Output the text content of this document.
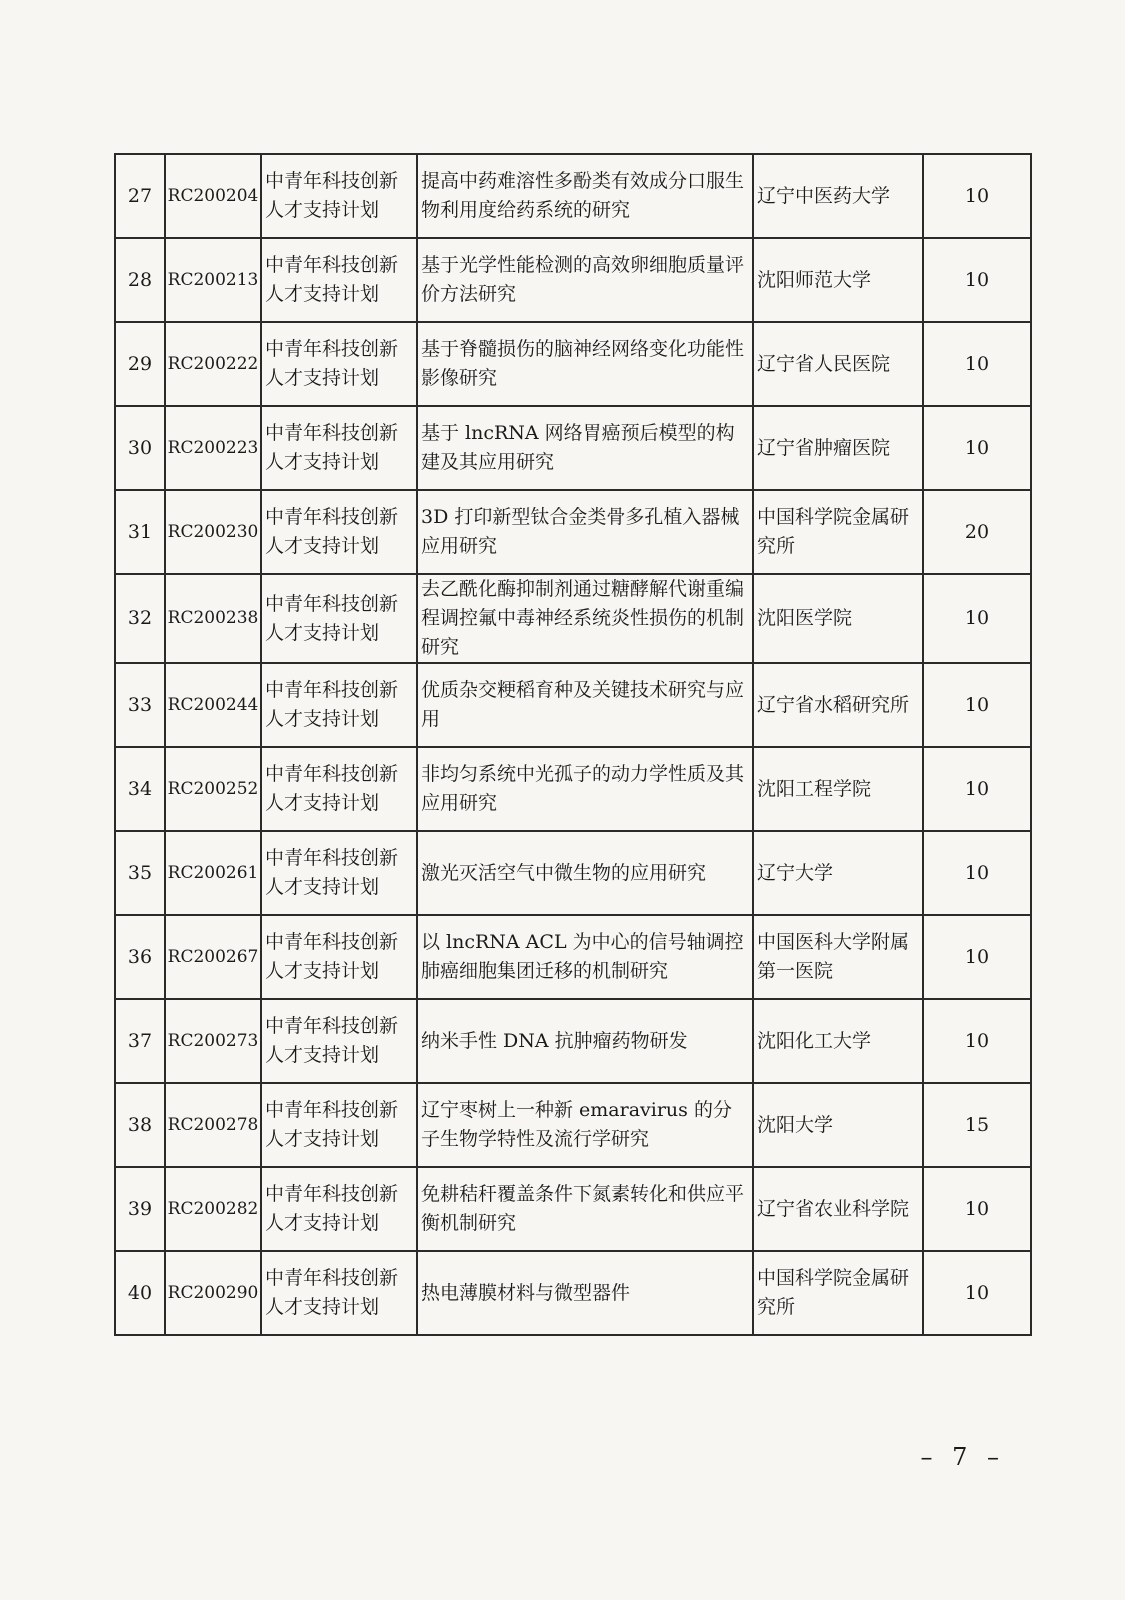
27	RC200204	中青年科技创新人才支持计划	提高中药难溶性多酚类有效成分口服生物利用度给药系统的研究	辽宁中医药大学	10
28	RC200213	中青年科技创新人才支持计划	基于光学性能检测的高效卵细胞质量评价方法研究	沈阳师范大学	10
29	RC200222	中青年科技创新人才支持计划	基于脊髓损伤的脑神经网络变化功能性影像研究	辽宁省人民医院	10
30	RC200223	中青年科技创新人才支持计划	基于 lncRNA 网络胃癌预后模型的构建及其应用研究	辽宁省肿瘤医院	10
31	RC200230	中青年科技创新人才支持计划	3D 打印新型钛合金类骨多孔植入器械应用研究	中国科学院金属研究所	20
32	RC200238	中青年科技创新人才支持计划	去乙酰化酶抑制剂通过糖酵解代谢重编程调控氟中毒神经系统炎性损伤的机制研究	沈阳医学院	10
33	RC200244	中青年科技创新人才支持计划	优质杂交粳稻育种及关键技术研究与应用	辽宁省水稻研究所	10
34	RC200252	中青年科技创新人才支持计划	非均匀系统中光孤子的动力学性质及其应用研究	沈阳工程学院	10
35	RC200261	中青年科技创新人才支持计划	激光灭活空气中微生物的应用研究	辽宁大学	10
36	RC200267	中青年科技创新人才支持计划	以 lncRNA ACL 为中心的信号轴调控肺癌细胞集团迁移的机制研究	中国医科大学附属第一医院	10
37	RC200273	中青年科技创新人才支持计划	纳米手性 DNA 抗肿瘤药物研发	沈阳化工大学	10
38	RC200278	中青年科技创新人才支持计划	辽宁枣树上一种新 emaravirus 的分子生物学特性及流行学研究	沈阳大学	15
39	RC200282	中青年科技创新人才支持计划	免耕秸秆覆盖条件下氮素转化和供应平衡机制研究	辽宁省农业科学院	10
40	RC200290	中青年科技创新人才支持计划	热电薄膜材料与微型器件	中国科学院金属研究所	10
– 7 –
